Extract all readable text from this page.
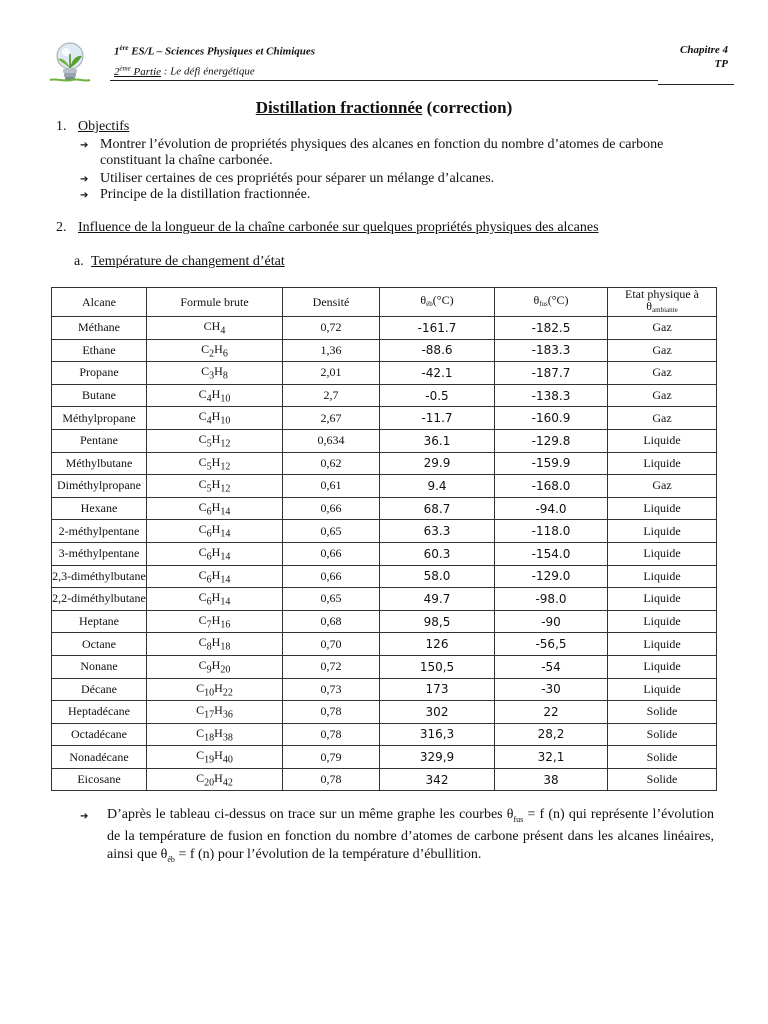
1ère ES/L – Sciences Physiques et Chimiques
2ème Partie : Le défi énergétique
Chapitre 4
TP
Distillation fractionnée (correction)
1. Objectifs
➔ Montrer l’évolution de propriétés physiques des alcanes en fonction du nombre d’atomes de carbone constituant la chaîne carbonée.
➔ Utiliser certaines de ces propriétés pour séparer un mélange d’alcanes.
➔ Principe de la distillation fractionnée.
2. Influence de la longueur de la chaîne carbonée sur quelques propriétés physiques des alcanes
a. Température de changement d’état
Alcane	Formule brute	Densité	θéb(°C)	θfus(°C)	Etat physique à
θambiante
Méthane	$CH_4$	0,72	-161.7	-182.5	Gaz
Ethane	$C_2H_6$	1,36	-88.6	-183.3	Gaz
Propane	$C_3H_8$	2,01	-42.1	-187.7	Gaz
Butane	$C_4H_{10}$	2,7	-0.5	-138.3	Gaz
Méthylpropane	$C_4H_{10}$	2,67	-11.7	-160.9	Gaz
Pentane	$C_5H_{12}$	0,634	36.1	-129.8	Liquide
Méthylbutane	$C_5H_{12}$	0,62	29.9	-159.9	Liquide
Diméthylpropane	$C_5H_{12}$	0,61	9.4	-168.0	Gaz
Hexane	$C_6H_{14}$	0,66	68.7	-94.0	Liquide
2-méthylpentane	$C_6H_{14}$	0,65	63.3	-118.0	Liquide
3-méthylpentane	$C_6H_{14}$	0,66	60.3	-154.0	Liquide
2,3-diméthylbutane	$C_6H_{14}$	0,66	58.0	-129.0	Liquide
2,2-diméthylbutane	$C_6H_{14}$	0,65	49.7	-98.0	Liquide
Heptane	$C_7H_{16}$	0,68	98,5	-90	Liquide
Octane	$C_8H_{18}$	0,70	126	-56,5	Liquide
Nonane	$C_9H_{20}$	0,72	150,5	-54	Liquide
Décane	$C_{10}H_{22}$	0,73	173	-30	Liquide
Heptadécane	$C_{17}H_{36}$	0,78	302	22	Solide
Octadécane	$C_{18}H_{38}$	0,78	316,3	28,2	Solide
Nonadécane	$C_{19}H_{40}$	0,79	329,9	32,1	Solide
Eicosane	$C_{20}H_{42}$	0,78	342	38	Solide
➔	D’après le tableau ci-dessus on trace sur un même graphe les courbes $\theta_{fus} = f$ (n) qui représente l’évolution de la température de fusion en fonction du nombre d’atomes de carbone présent dans les alcanes linéaires, ainsi que $\theta_{éb} = f$ (n) pour l’évolution de la température d’ébullition.
